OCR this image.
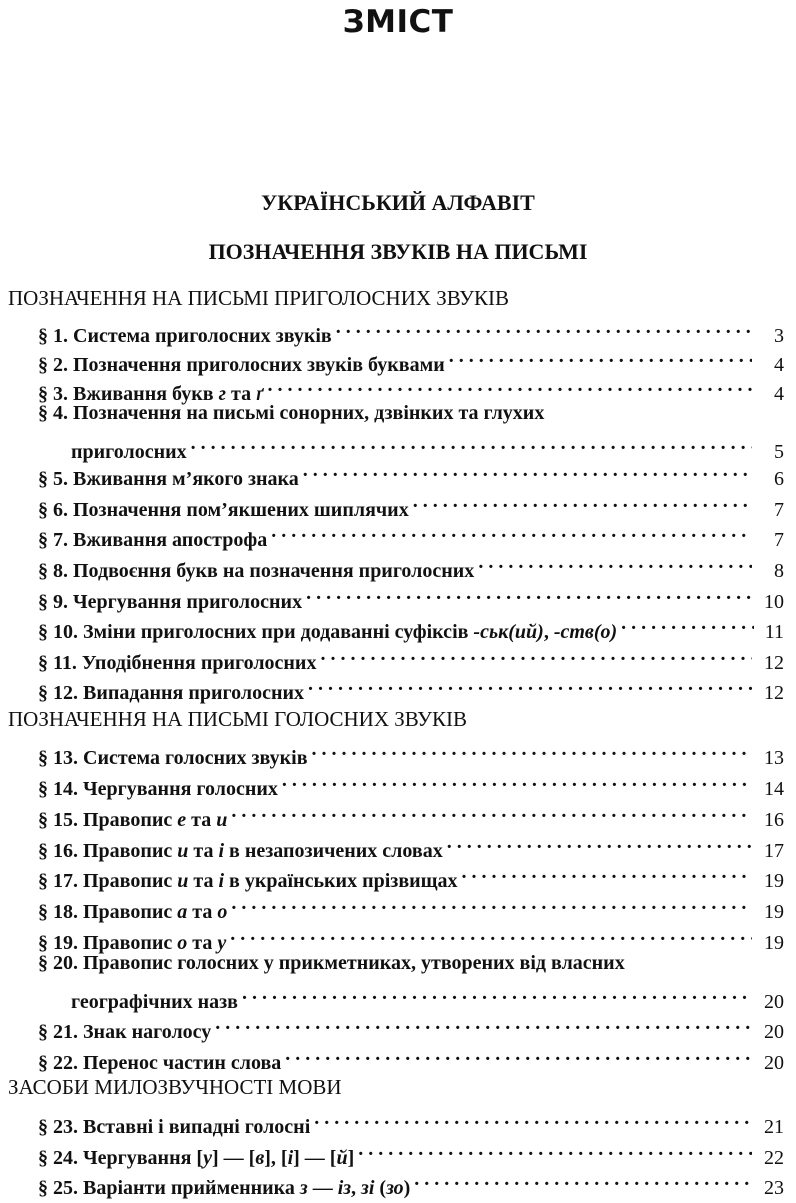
ЗМІСТ
УКРАЇНСЬКИЙ АЛФАВІТ
ПОЗНАЧЕННЯ ЗВУКІВ НА ПИСЬМІ
ПОЗНАЧЕННЯ НА ПИСЬМІ ПРИГОЛОСНИХ ЗВУКІВ
§ 1. Система приголосних звуків . . .	3
§ 2. Позначення приголосних звуків буквами . . .	4
§ 3. Вживання букв г та ґ . . .	4
§ 4. Позначення на письмі сонорних, дзвінких та глухих
приголосних . . .	5
§ 5. Вживання м’якого знака . . .	6
§ 6. Позначення пом’якшених шиплячих . . .	7
§ 7. Вживання апострофа . . .	7
§ 8. Подвоєння букв на позначення приголосних . . .	8
§ 9. Чергування приголосних . . .	10
§ 10. Зміни приголосних при додаванні суфіксів -ськ(ий), -ств(о) . . .	11
§ 11. Уподібнення приголосних . . .	12
§ 12. Випадання приголосних . . .	12
ПОЗНАЧЕННЯ НА ПИСЬМІ ГОЛОСНИХ ЗВУКІВ
§ 13. Система голосних звуків . . .	13
§ 14. Чергування голосних . . .	14
§ 15. Правопис е та и . . .	16
§ 16. Правопис и та і в незапозичених словах . . .	17
§ 17. Правопис и та і в українських прізвищах . . .	19
§ 18. Правопис а та о . . .	19
§ 19. Правопис о та у . . .	19
§ 20. Правопис голосних у прикметниках, утворених від власних
географічних назв . . .	20
§ 21. Знак наголосу . . .	20
§ 22. Перенос частин слова . . .	20
ЗАСОБИ МИЛОЗВУЧНОСТІ МОВИ
§ 23. Вставні і випадні голосні . . .	21
§ 24. Чергування [у] — [в], [і] — [й] . . .	22
§ 25. Варіанти прийменника з — із, зі (зо) . . .	23
